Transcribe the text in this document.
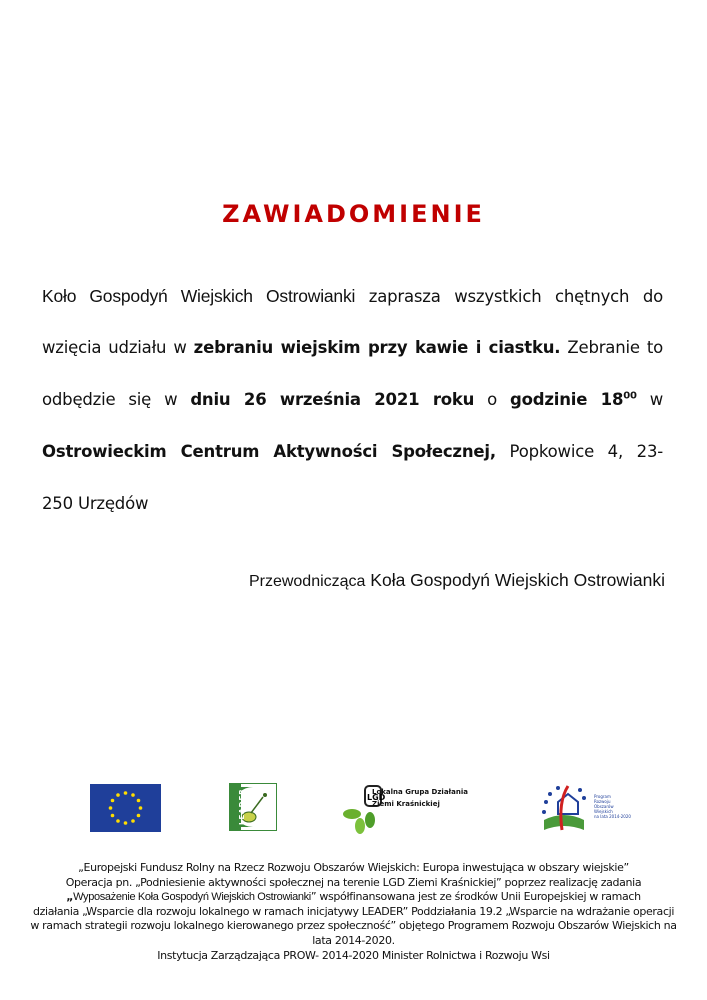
ZAWIADOMIENIE
Koło Gospodyń Wiejskich Ostrowianki zaprasza wszystkich chętnych do
wzięcia udziału w zebraniu wiejskim przy kawie i ciastku. Zebranie to
odbędzie się w dniu 26 września 2021 roku o godzinie $18^{00}$ w
Ostrowieckim Centrum Aktywności Społecznej, Popkowice 4, 23-
250 Urzędów
Przewodnicząca Koła Gospodyń Wiejskich Ostrowianki
LEADER	LGD
Lokalna Grupa Działania
Ziemi Kraśnickiej
Program
Rozwoju
Obszarów
Wiejskich
na lata 2014-2020
„Europejski Fundusz Rolny na Rzecz Rozwoju Obszarów Wiejskich: Europa inwestująca w obszary wiejskie”
Operacja pn. „Podniesienie aktywności społecznej na terenie LGD Ziemi Kraśnickiej” poprzez realizację zadania
„Wyposażenie Koła Gospodyń Wiejskich Ostrowianki” współfinansowana jest ze środków Unii Europejskiej w ramach
działania „Wsparcie dla rozwoju lokalnego w ramach inicjatywy LEADER” Poddziałania 19.2 „Wsparcie na wdrażanie operacji
w ramach strategii rozwoju lokalnego kierowanego przez społeczność” objętego Programem Rozwoju Obszarów Wiejskich na
lata 2014-2020.
Instytucja Zarządzająca PROW- 2014-2020 Minister Rolnictwa i Rozwoju Wsi
